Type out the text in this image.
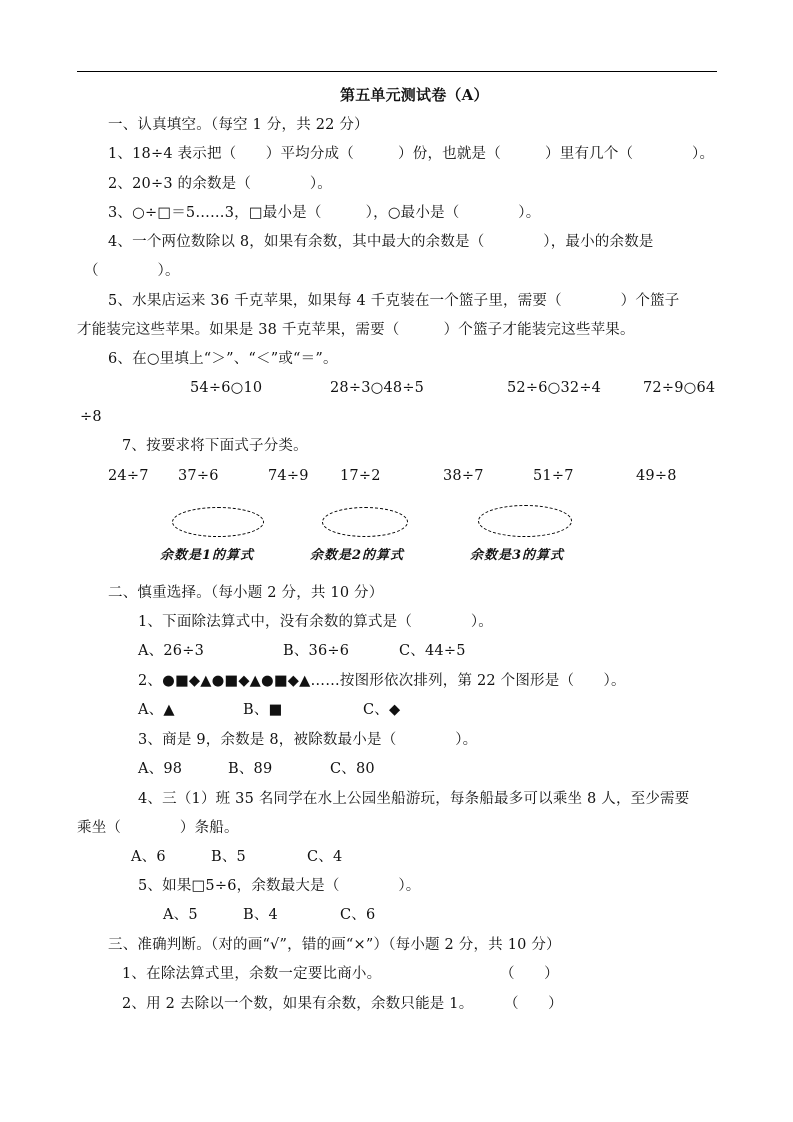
第五单元测试卷（A）
一、认真填空。（每空 1 分，共 22 分）
1、18÷4 表示把（　　）平均分成（　　　）份，也就是（　　　）里有几个（　　　　）。
2、20÷3 的余数是（　　　　）。
3、○÷□＝5……3，□最小是（　　　），○最小是（　　　　）。
4、一个两位数除以 8，如果有余数，其中最大的余数是（　　　　），最小的余数是
（　　　　）。
5、水果店运来 36 千克苹果，如果每 4 千克装在一个篮子里，需要（　　　　）个篮子
才能装完这些苹果。如果是 38 千克苹果，需要（　　　）个篮子才能装完这些苹果。
6、在○里填上“＞”、“＜”或“＝”。
54÷6○10	28÷3○48÷5	52÷6○32÷4	72÷9○64
÷8
7、按要求将下面式子分类。
24÷7 37÷6	74÷9 17÷2	38÷7	51÷7	49÷8
余数是1的算式	余数是2的算式	余数是3的算式
二、慎重选择。（每小题 2 分，共 10 分）
1、下面除法算式中，没有余数的算式是（　　　　）。
A、26÷3	B、36÷6	C、44÷5
2、●■◆▲●■◆▲●■◆▲……按图形依次排列，第 22 个图形是（　　）。
A、▲	B、■	C、◆
3、商是 9，余数是 8，被除数最小是（　　　　）。
A、98	B、89	C、80
4、三（1）班 35 名同学在水上公园坐船游玩，每条船最多可以乘坐 8 人，至少需要
乘坐（　　　　）条船。
A、6	B、5	C、4
5、如果□5÷6，余数最大是（　　　　）。
A、5	B、4	C、6
三、准确判断。（对的画“√”，错的画“×”）（每小题 2 分，共 10 分）
1、在除法算式里，余数一定要比商小。	（　　）
2、用 2 去除以一个数，如果有余数，余数只能是 1。 （　　）
